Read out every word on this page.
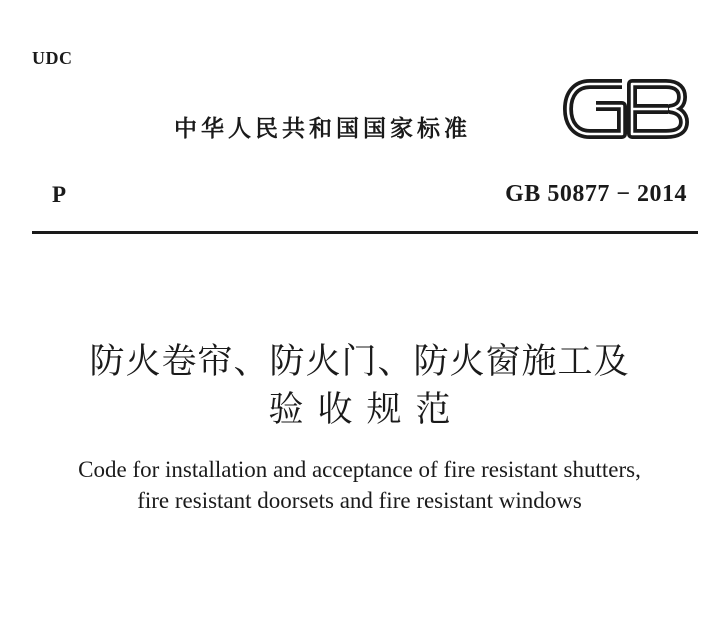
UDC
中华人民共和国国家标准
GB
P	GB 50877 − 2014
防火卷帘、防火门、防火窗施工及
验收规范
Code for installation and acceptance of fire resistant shutters,
fire resistant doorsets and fire resistant windows
